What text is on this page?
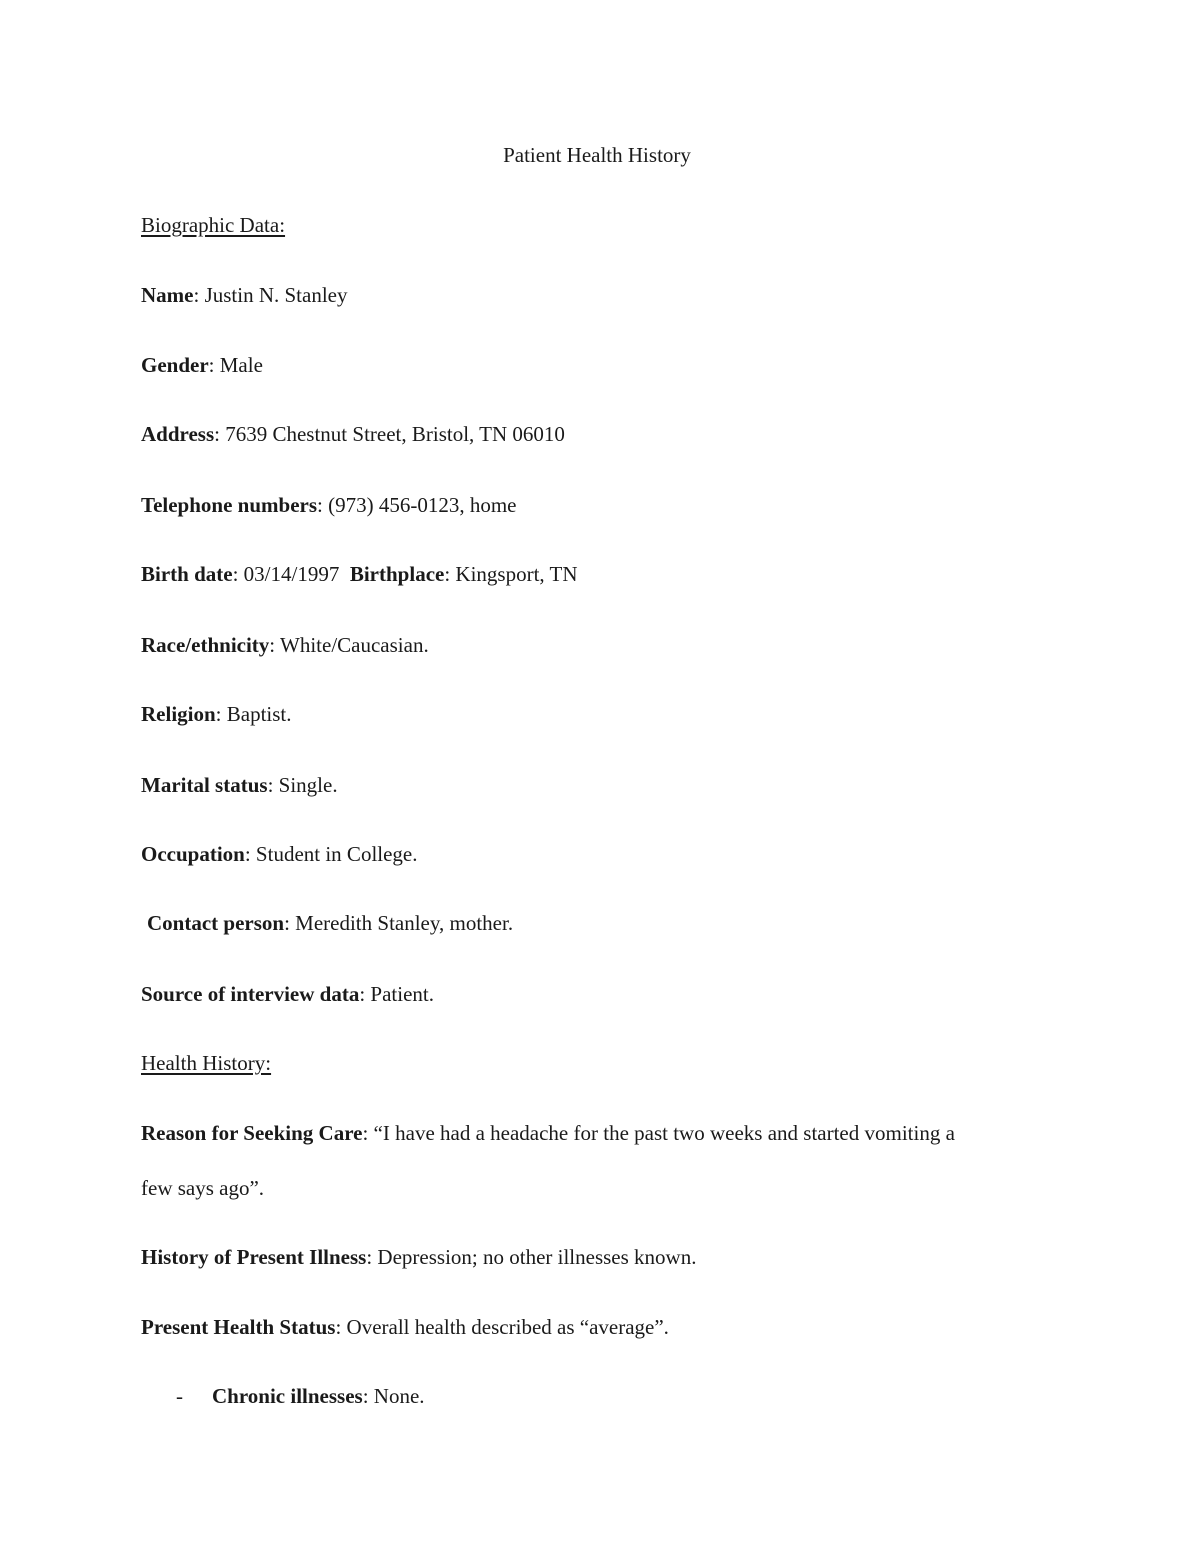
Patient Health History
Biographic Data:
Name: Justin N. Stanley
Gender: Male
Address: 7639 Chestnut Street, Bristol, TN 06010
Telephone numbers: (973) 456-0123, home
Birth date: 03/14/1997  Birthplace: Kingsport, TN
Race/ethnicity: White/Caucasian.
Religion: Baptist.
Marital status: Single.
Occupation: Student in College.
Contact person: Meredith Stanley, mother.
Source of interview data: Patient.
Health History:
Reason for Seeking Care: “I have had a headache for the past two weeks and started vomiting a
few says ago”.
History of Present Illness: Depression; no other illnesses known.
Present Health Status: Overall health described as “average”.
- Chronic illnesses: None.
